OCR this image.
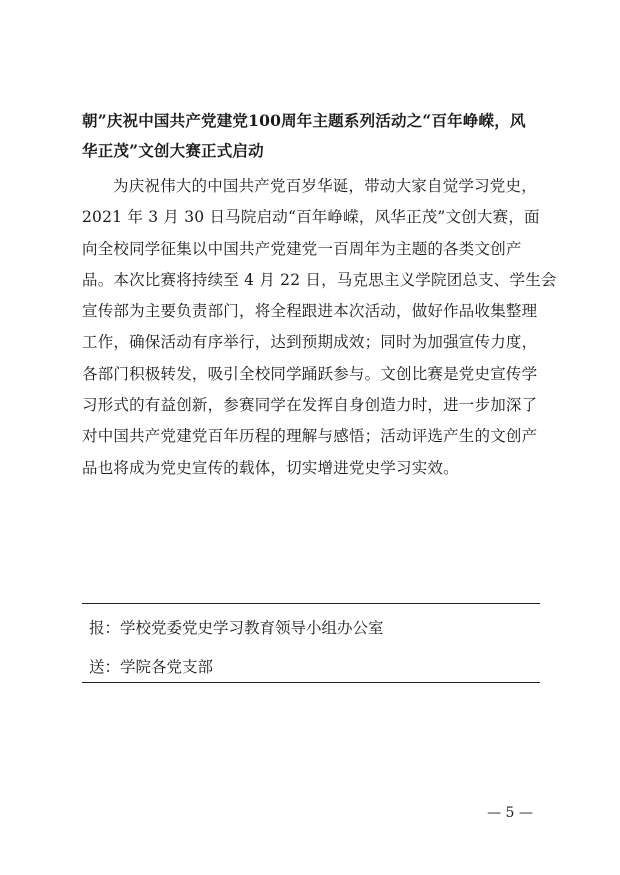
朝”庆祝中国共产党建党100周年主题系列活动之“百年峥嵘，风
华正茂”文创大赛正式启动
为庆祝伟大的中国共产党百岁华诞，带动大家自觉学习党史，
2021 年 3 月 30 日马院启动“百年峥嵘，风华正茂”文创大赛，面
向全校同学征集以中国共产党建党一百周年为主题的各类文创产
品。本次比赛将持续至 4 月 22 日，马克思主义学院团总支、学生会
宣传部为主要负责部门，将全程跟进本次活动，做好作品收集整理
工作，确保活动有序举行，达到预期成效；同时为加强宣传力度，
各部门积极转发，吸引全校同学踊跃参与。文创比赛是党史宣传学
习形式的有益创新，参赛同学在发挥自身创造力时，进一步加深了
对中国共产党建党百年历程的理解与感悟；活动评选产生的文创产
品也将成为党史宣传的载体，切实增进党史学习实效。
报：学校党委党史学习教育领导小组办公室
送：学院各党支部
— 5 —
